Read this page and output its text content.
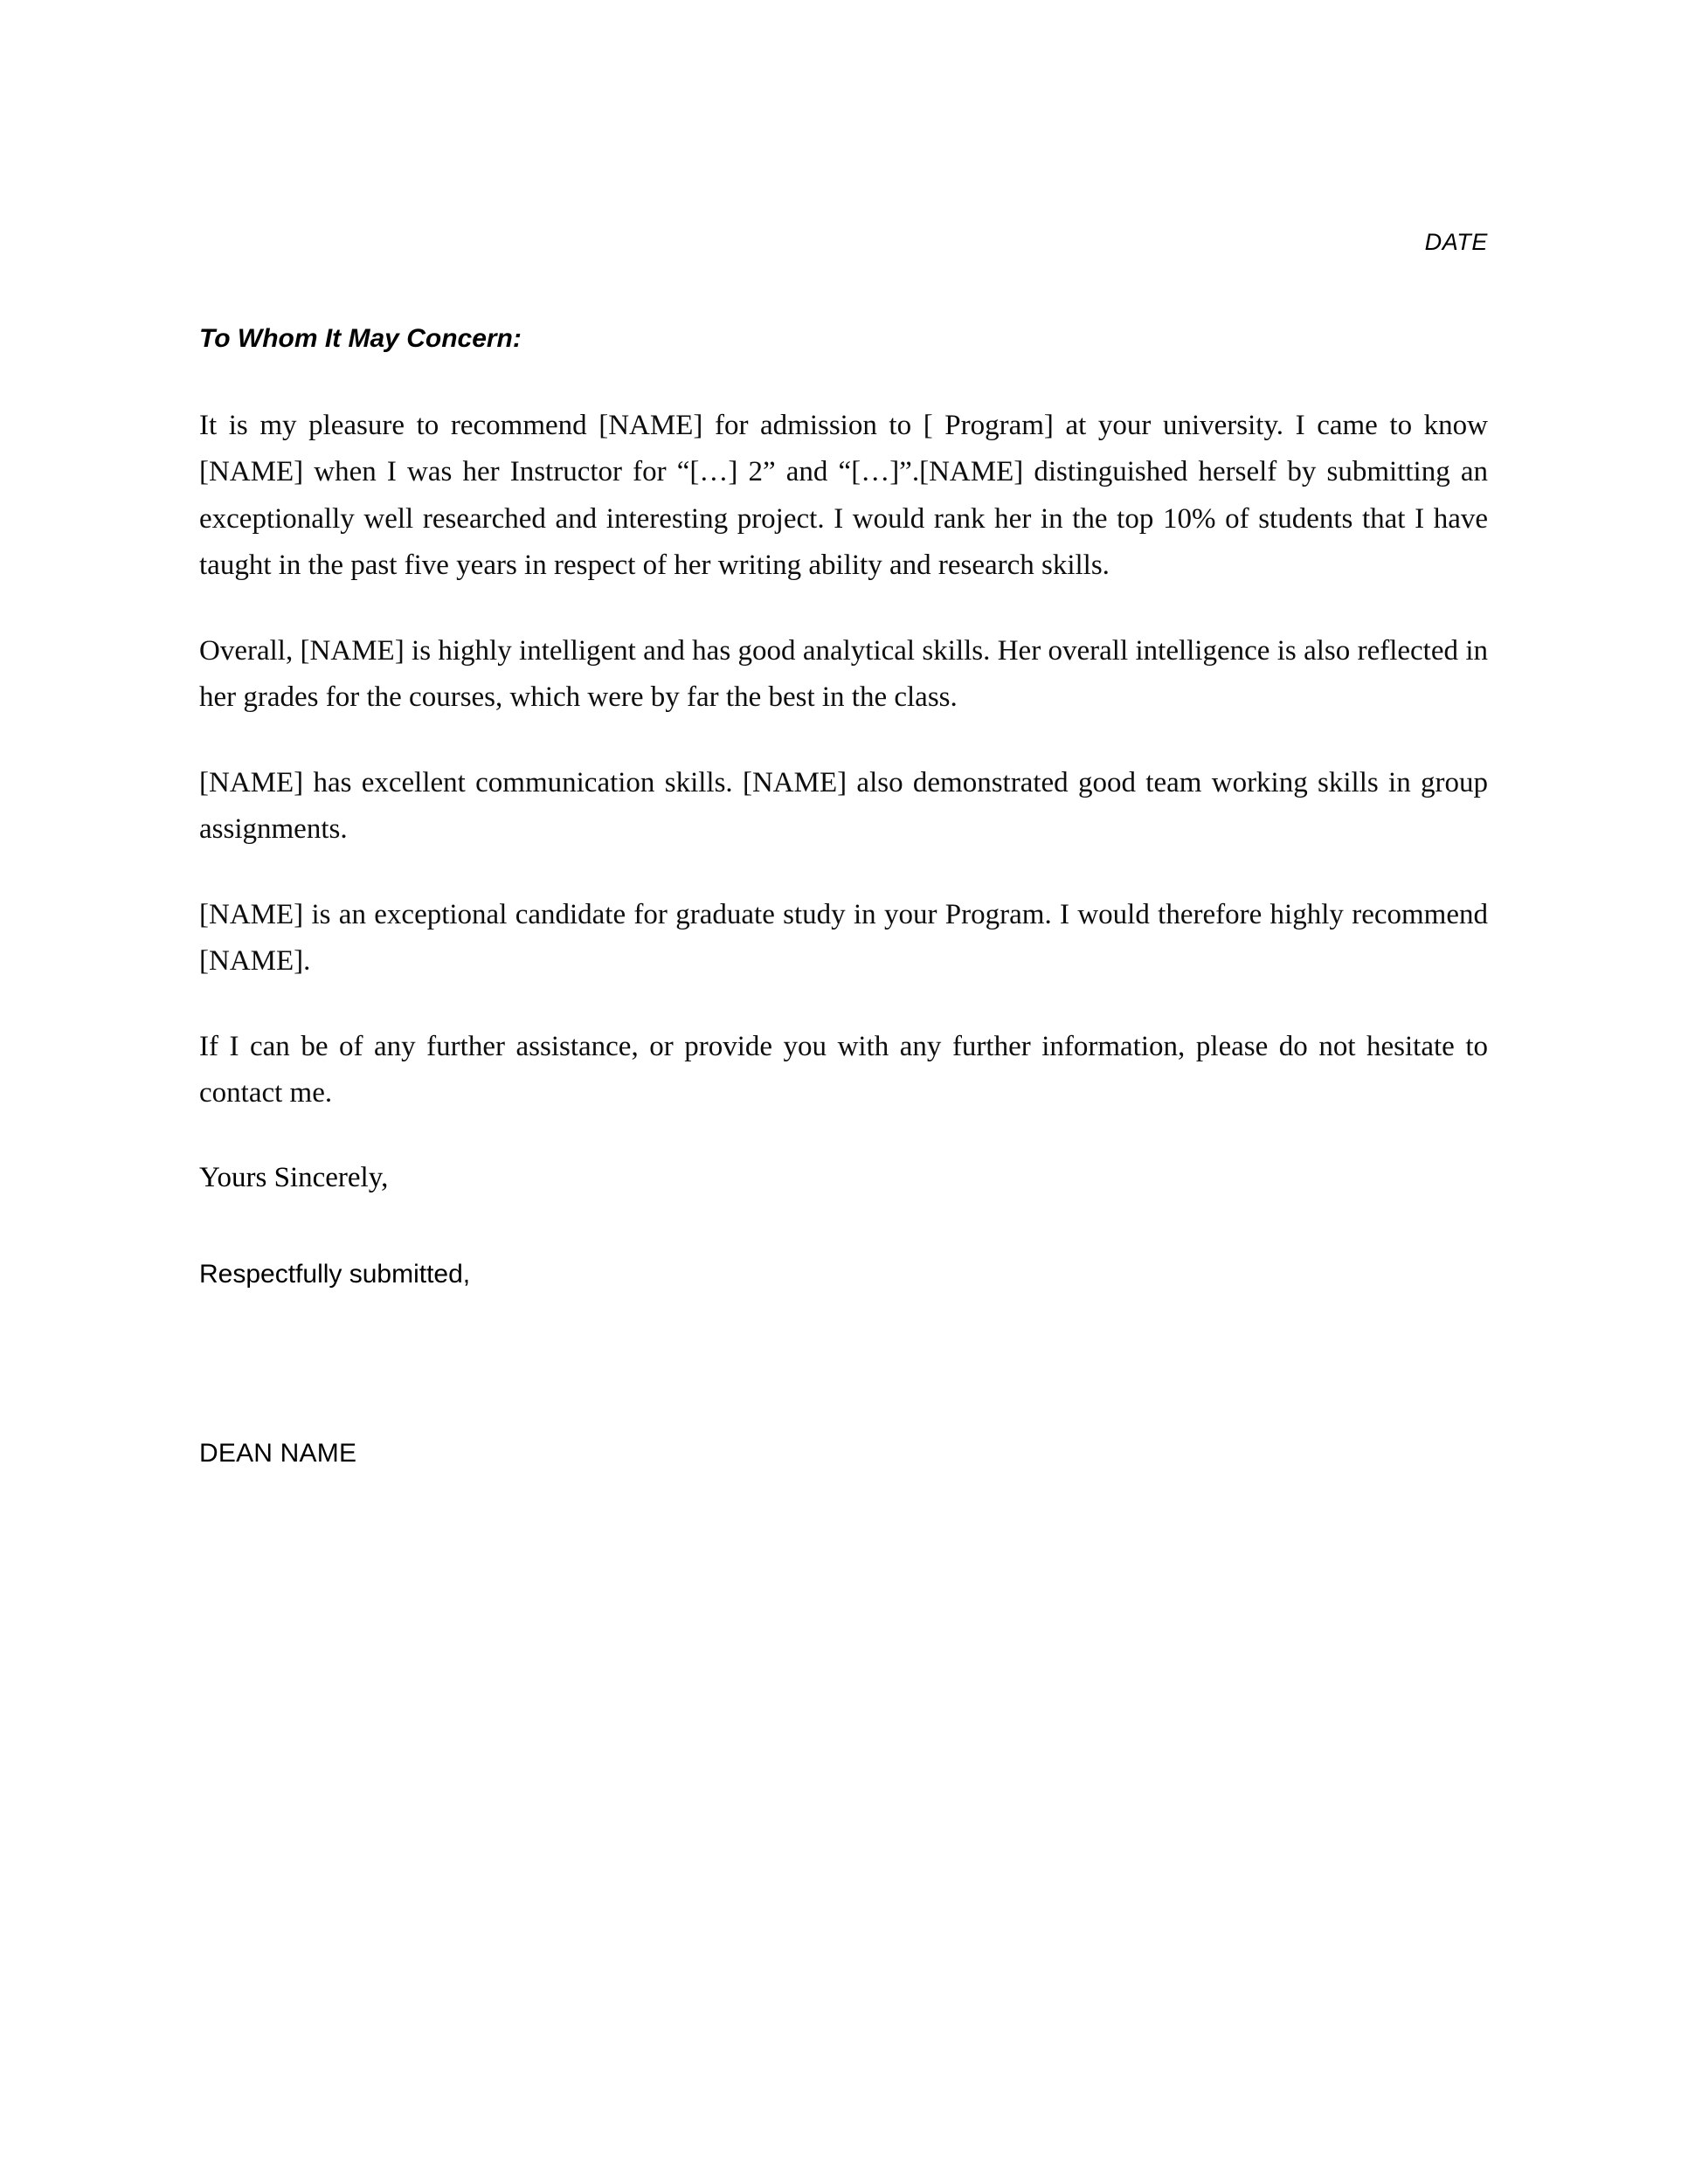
DATE
To Whom It May Concern:

It is my pleasure to recommend [NAME] for admission to [ Program] at your university. I came to know [NAME] when I was her Instructor for “[…] 2” and “[…]”.[NAME] distinguished herself by submitting an exceptionally well researched and interesting project. I would rank her in the top 10% of students that I have taught in the past five years in respect of her writing ability and research skills.

Overall, [NAME] is highly intelligent and has good analytical skills. Her overall intelligence is also reflected in her grades for the courses, which were by far the best in the class.

[NAME] has excellent communication skills. [NAME] also demonstrated good team working skills in group assignments.

[NAME] is an exceptional candidate for graduate study in your Program. I would therefore highly recommend [NAME].

If I can be of any further assistance, or provide you with any further information, please do not hesitate to contact me.

Yours Sincerely,

Respectfully submitted,

DEAN NAME
